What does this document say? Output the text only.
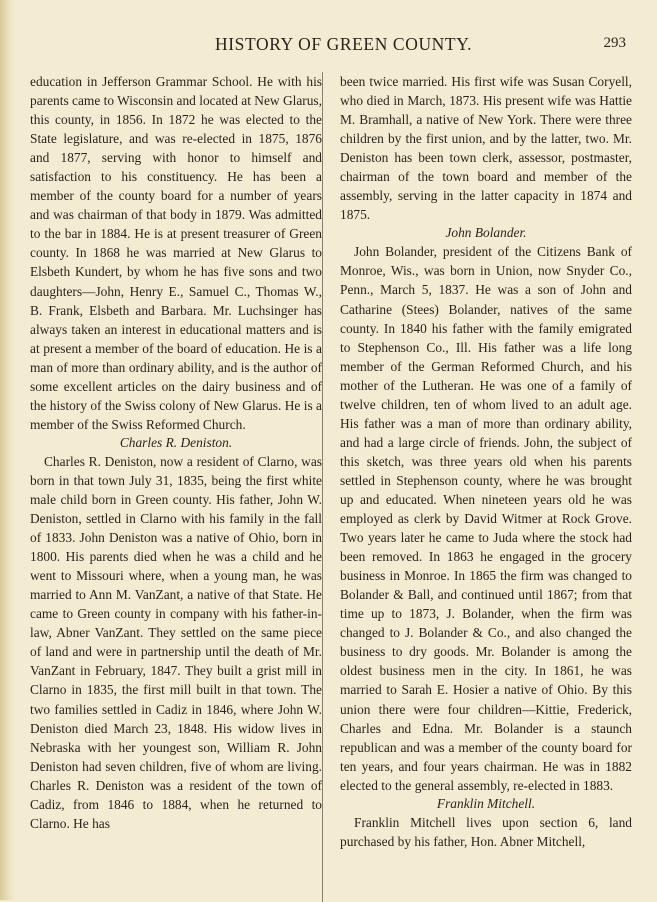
HISTORY OF GREEN COUNTY.	293

education in Jefferson Grammar School. He with his parents came to Wisconsin and located at New Glarus, this county, in 1856. In 1872 he was elected to the State legislature, and was re-elected in 1875, 1876 and 1877, serving with honor to himself and satisfaction to his constituency. He has been a member of the county board for a number of years and was chairman of that body in 1879. Was admitted to the bar in 1884. He is at present treasurer of Green county. In 1868 he was married at New Glarus to Elsbeth Kundert, by whom he has five sons and two daughters—John, Henry E., Samuel C., Thomas W., B. Frank, Elsbeth and Barbara. Mr. Luchsinger has always taken an interest in educational matters and is at present a member of the board of education. He is a man of more than ordinary ability, and is the author of some excellent articles on the dairy business and of the history of the Swiss colony of New Glarus. He is a member of the Swiss Reformed Church.

Charles R. Deniston.

Charles R. Deniston, now a resident of Clarno, was born in that town July 31, 1835, being the first white male child born in Green county. His father, John W. Deniston, settled in Clarno with his family in the fall of 1833. John Deniston was a native of Ohio, born in 1800. His parents died when he was a child and he went to Missouri where, when a young man, he was married to Ann M. VanZant, a native of that State. He came to Green county in company with his father-in-law, Abner VanZant. They settled on the same piece of land and were in partnership until the death of Mr. VanZant in February, 1847. They built a grist mill in Clarno in 1835, the first mill built in that town. The two families settled in Cadiz in 1846, where John W. Deniston died March 23, 1848. His widow lives in Nebraska with her youngest son, William R. John Deniston had seven children, five of whom are living. Charles R. Deniston was a resident of the town of Cadiz, from 1846 to 1884, when he returned to Clarno. He has

been twice married. His first wife was Susan Coryell, who died in March, 1873. His present wife was Hattie M. Bramhall, a native of New York. There were three children by the first union, and by the latter, two. Mr. Deniston has been town clerk, assessor, postmaster, chairman of the town board and member of the assembly, serving in the latter capacity in 1874 and 1875.

John Bolander.

John Bolander, president of the Citizens Bank of Monroe, Wis., was born in Union, now Snyder Co., Penn., March 5, 1837. He was a son of John and Catharine (Stees) Bolander, natives of the same county. In 1840 his father with the family emigrated to Stephenson Co., Ill. His father was a life long member of the German Reformed Church, and his mother of the Lutheran. He was one of a family of twelve children, ten of whom lived to an adult age. His father was a man of more than ordinary ability, and had a large circle of friends. John, the subject of this sketch, was three years old when his parents settled in Stephenson county, where he was brought up and educated. When nineteen years old he was employed as clerk by David Witmer at Rock Grove. Two years later he came to Juda where the stock had been removed. In 1863 he engaged in the grocery business in Monroe. In 1865 the firm was changed to Bolander & Ball, and continued until 1867; from that time up to 1873, J. Bolander, when the firm was changed to J. Bolander & Co., and also changed the business to dry goods. Mr. Bolander is among the oldest business men in the city. In 1861, he was married to Sarah E. Hosier a native of Ohio. By this union there were four children—Kittie, Frederick, Charles and Edna. Mr. Bolander is a staunch republican and was a member of the county board for ten years, and four years chairman. He was in 1882 elected to the general assembly, re-elected in 1883.

Franklin Mitchell.

Franklin Mitchell lives upon section 6, land purchased by his father, Hon. Abner Mitchell,
